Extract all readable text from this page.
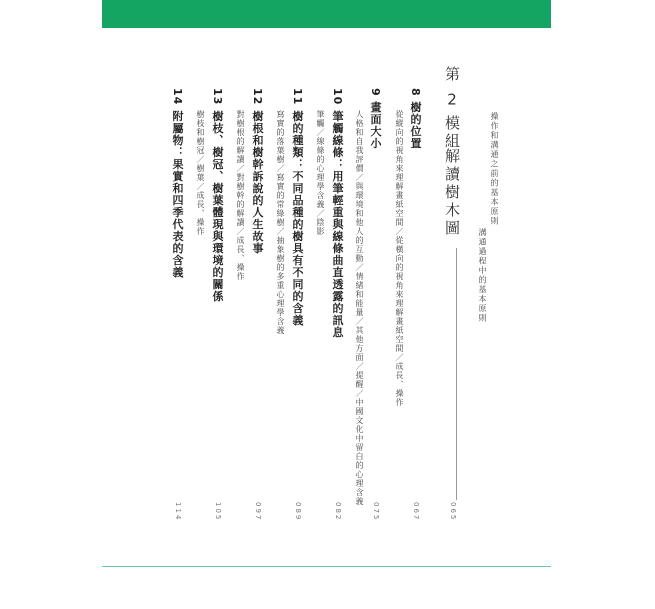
操作和溝通之前的基本原則
溝通過程中的基本原則
第 2 模組
解讀樹木圖
065
8 樹的位置
從縱向的視角來理解畫紙空間／從橫向的視角來理解畫紙空間／成長、操作
067
9 畫面大小
人格和自我評價／與環境和他人的互動／情緒和能量／其他方面／提醒／中國文化中留白的心理含義
075
10 筆觸線條：用筆輕重與線條曲直透露的訊息
筆觸／線條的心理學含義／陰影
082
11 樹的種類：不同品種的樹具有不同的含義
寫實的落葉樹／寫實的常綠樹／抽象樹的多重心理學含義
089
12 樹根和樹幹訴說的人生故事
對樹根的解讀／對樹幹的解讀／成長、操作
097
13 樹枝、樹冠、樹葉體現與環境的關係
樹枝和樹冠／樹葉／成長、操作
105
14 附屬物：果實和四季代表的含義
114
